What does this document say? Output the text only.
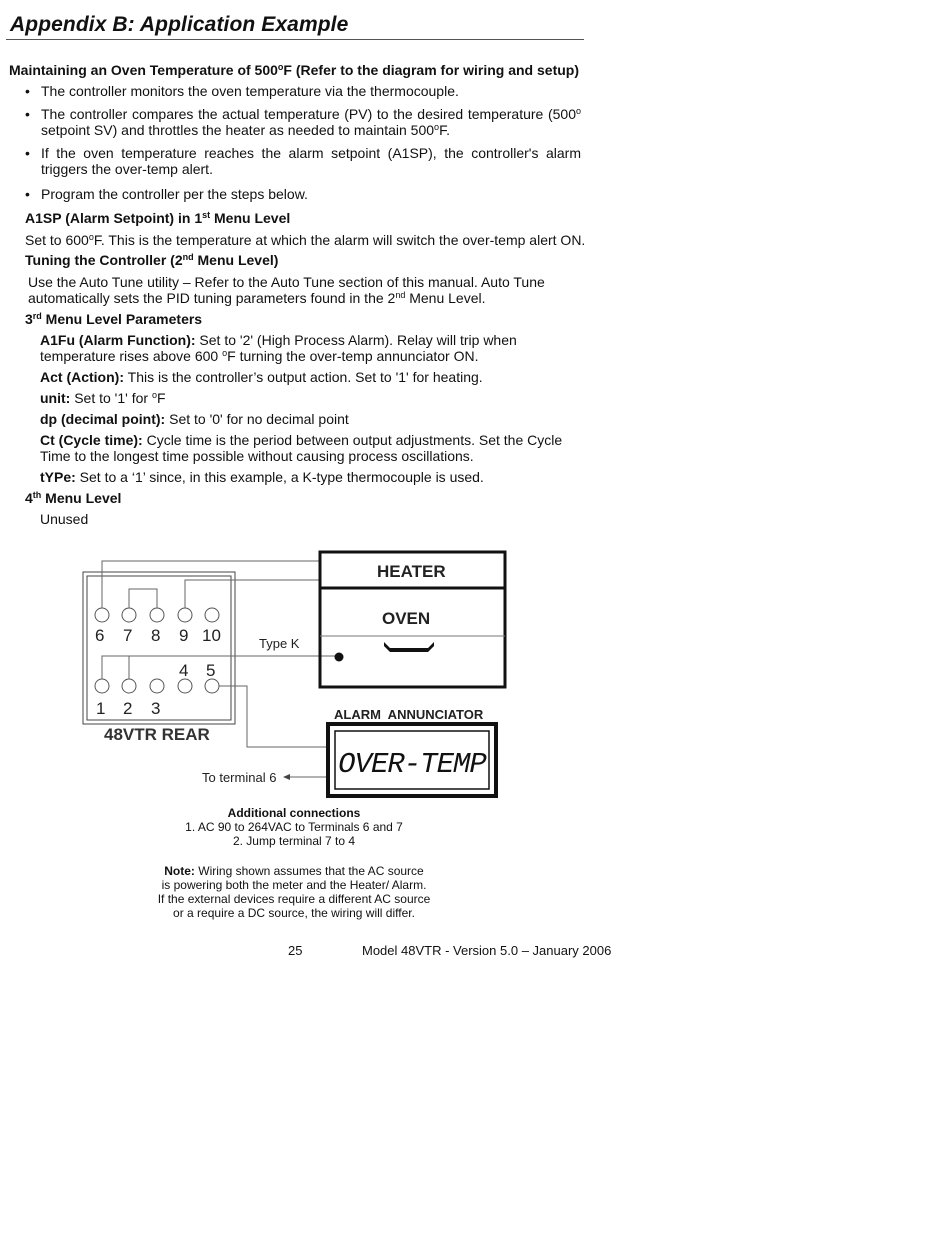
Appendix B: Application Example
Maintaining an Oven Temperature of 500$^o$F (Refer to the diagram for wiring and setup)
• The controller monitors the oven temperature via the thermocouple.
• The controller compares the actual temperature (PV) to the desired temperature (500$^o$ setpoint SV) and throttles the heater as needed to maintain 500$^o$F.
• If the oven temperature reaches the alarm setpoint (A1SP), the controller's alarm triggers the over-temp alert.
• Program the controller per the steps below.
A1SP (Alarm Setpoint) in 1st Menu Level
Set to 600$^o$F. This is the temperature at which the alarm will switch the over-temp alert ON.
Tuning the Controller (2nd Menu Level)
Use the Auto Tune utility – Refer to the Auto Tune section of this manual. Auto Tune
automatically sets the PID tuning parameters found in the 2nd Menu Level.
3rd Menu Level Parameters
A1Fu (Alarm Function): Set to '2' (High Process Alarm). Relay will trip when
temperature rises above 600 $^o$F turning the over-temp annunciator ON.
Act (Action): This is the controller’s output action. Set to '1' for heating.
unit: Set to '1' for $^o$F
dp (decimal point): Set to '0' for no decimal point
Ct (Cycle time): Cycle time is the period between output adjustments. Set the Cycle
Time to the longest time possible without causing process oscillations.
tYPe: Set to a ‘1’ since, in this example, a K-type thermocouple is used.
4th Menu Level
Unused
6 7 8 9 10
4 5
1 2 3
48VTR REAR
To terminal 6
HEATER
OVEN
Type K
ALARM  ANNUNCIATOR
OVER-TEMP
Additional connections
1. AC 90 to 264VAC to Terminals 6 and 7
2. Jump terminal 7 to 4
Note: Wiring shown assumes that the AC source
is powering both the meter and the Heater/ Alarm.
If the external devices require a different AC source
or a require a DC source, the wiring will differ.
25	Model 48VTR - Version 5.0 – January 2006
